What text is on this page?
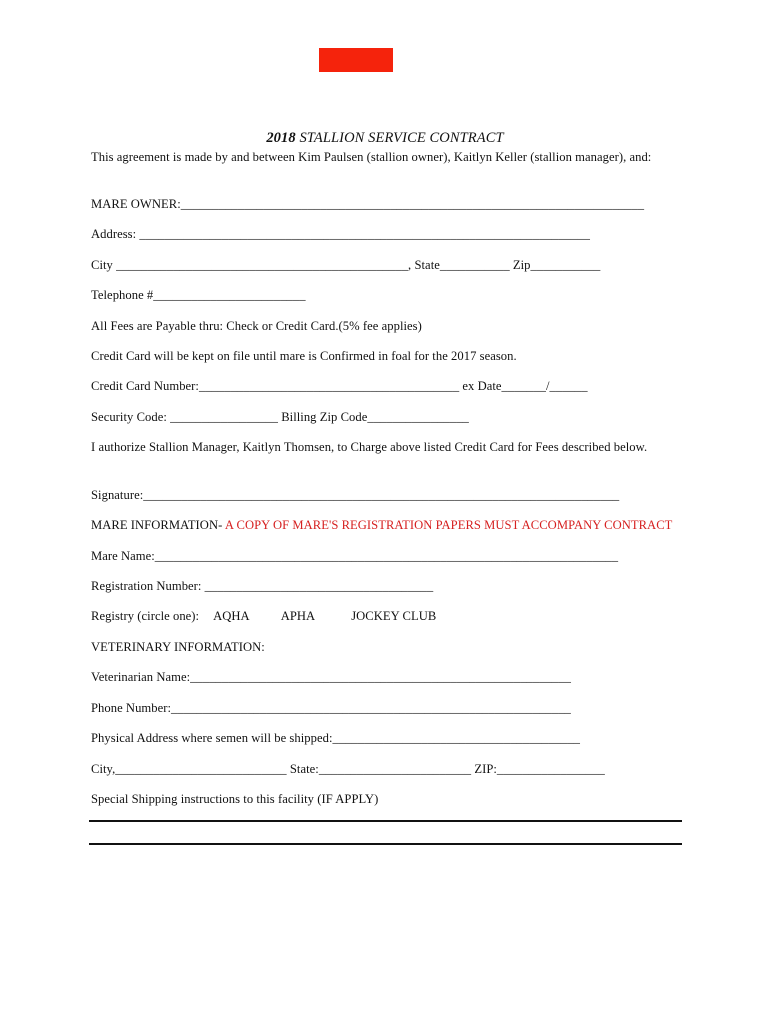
2018 STALLION SERVICE CONTRACT
This agreement is made by and between Kim Paulsen (stallion owner), Kaitlyn Keller (stallion manager), and:
MARE OWNER:_________________________________________________________________________
Address: _______________________________________________________________________
City ______________________________________________, State___________ Zip___________
Telephone #________________________
All Fees are Payable thru: Check or Credit Card.(5% fee applies)
Credit Card will be kept on file until mare is Confirmed in foal for the 2017 season.
Credit Card Number:_________________________________________ ex Date_______/______
Security Code: _________________ Billing Zip Code________________
I authorize Stallion Manager, Kaitlyn Thomsen, to Charge above listed Credit Card for Fees described below.
Signature:___________________________________________________________________________
MARE INFORMATION- A COPY OF MARE'S REGISTRATION PAPERS MUST ACCOMPANY CONTRACT
Mare Name:_________________________________________________________________________
Registration Number: ____________________________________
Registry (circle one): AQHA APHA	JOCKEY CLUB
VETERINARY INFORMATION:
Veterinarian Name:____________________________________________________________
Phone Number:_______________________________________________________________
Physical Address where semen will be shipped:_______________________________________
City,___________________________ State:________________________ ZIP:_________________
Special Shipping instructions to this facility (IF APPLY)
